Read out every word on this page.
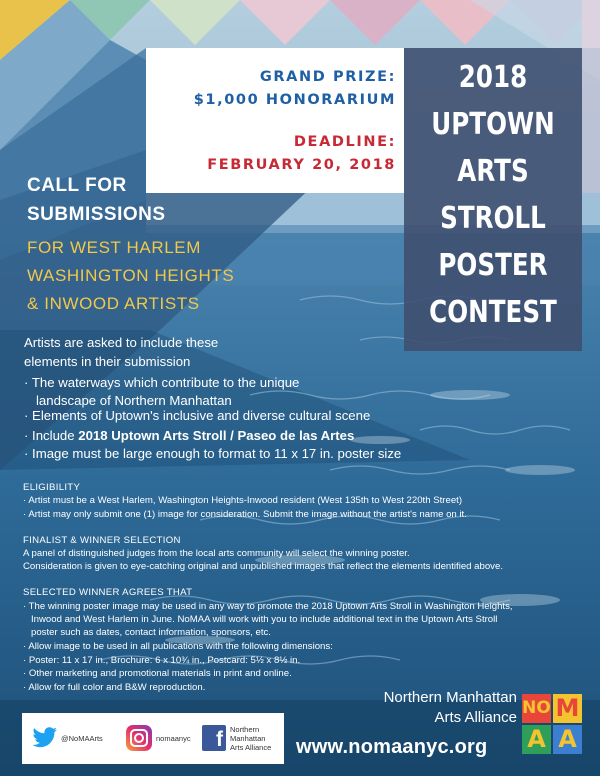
GRAND PRIZE:
$1,000 HONORARIUM
DEADLINE:
FEBRUARY 20, 2018
2018
UPTOWN
ARTS
STROLL
POSTER
CONTEST
CALL FOR
SUBMISSIONS
FOR WEST HARLEM
WASHINGTON HEIGHTS
& INWOOD ARTISTS
Artists are asked to include these
elements in their submission
· The waterways which contribute to the unique
landscape of Northern Manhattan
· Elements of Uptown's inclusive and diverse cultural scene
· Include 2018 Uptown Arts Stroll / Paseo de las Artes
· Image must be large enough to format to 11 x 17 in. poster size
ELIGIBILITY
· Artist must be a West Harlem, Washington Heights-Inwood resident (West 135th to West 220th Street)
· Artist may only submit one (1) image for consideration. Submit the image without the artist's name on it.
FINALIST & WINNER SELECTION
A panel of distinguished judges from the local arts community will select the winning poster.
Consideration is given to eye-catching original and unpublished images that reflect the elements identified above.
SELECTED WINNER AGREES THAT
· The winning poster image may be used in any way to promote the 2018 Uptown Arts Stroll in Washington Heights,
Inwood and West Harlem in June. NoMAA will work with you to include additional text in the Uptown Arts Stroll
poster such as dates, contact information, sponsors, etc.
· Allow image to be used in all publications with the following dimensions:
· Poster: 11 x 17 in., Brochure: 6 x 10¾ in., Postcard: 5½ x 8½ in.
· Other marketing and promotional materials in print and online.
· Allow for full color and B&W reproduction.
@NoMAArts	nomaanyc	f Northern
Manhattan
Arts Alliance
Northern Manhattan
Arts Alliance
www.nomaanyc.org
NO M
A A
